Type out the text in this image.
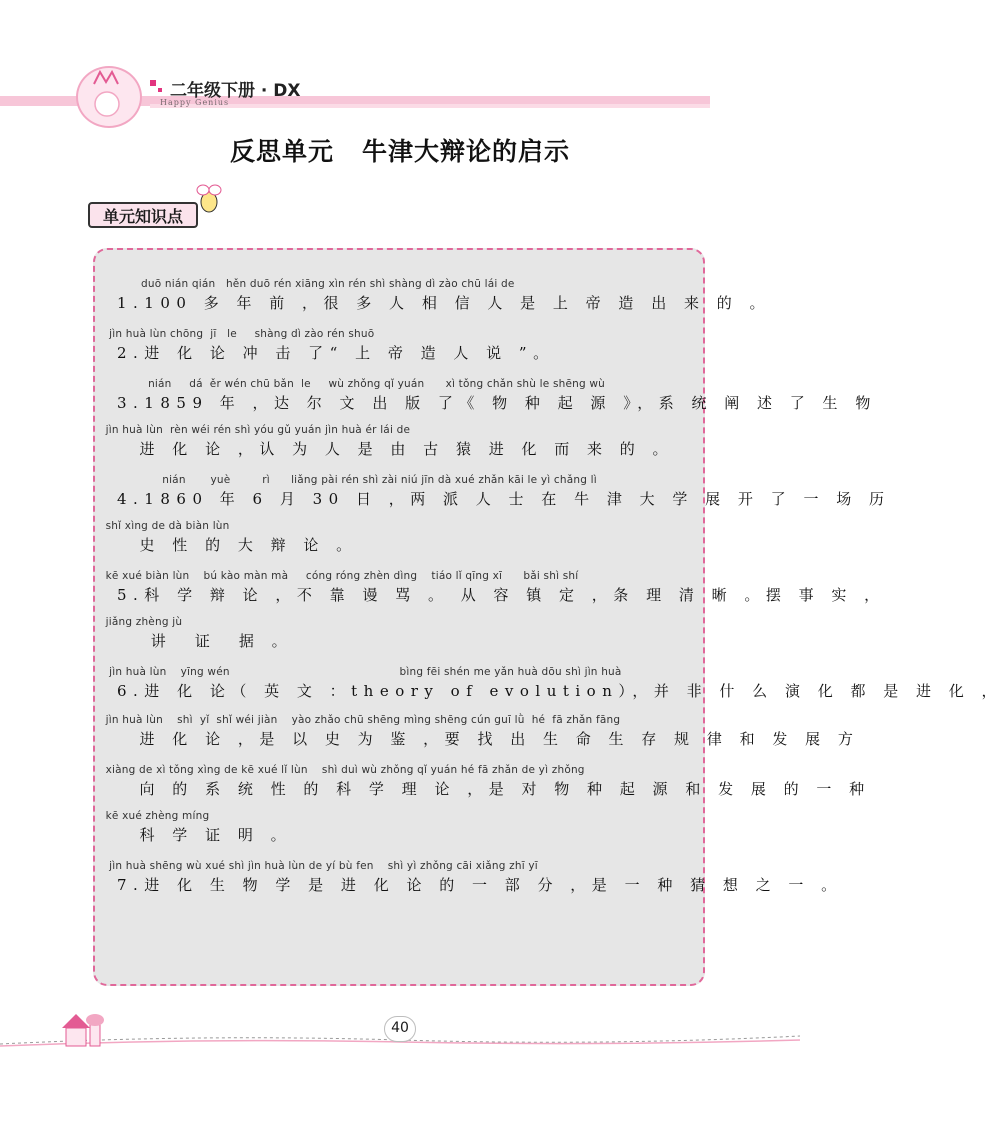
二年级下册 · DX
Happy Genius
反思单元 牛津大辩论的启示
单元知识点
duō nián qián   hěn duō rén xiāng xìn rén shì shàng dì zào chū lái de
1.100 多 年 前 ，很 多 人 相 信 人 是 上 帝 造 出 来 的 。
jìn huà lùn chōng  jī   le     shàng dì zào rén shuō
2.进 化 论 冲 击 了“ 上 帝 造 人 说 ”。
nián     dá  ěr wén chū bǎn  le     wù zhǒng qǐ yuán      xì tǒng chǎn shù le shēng wù
3.1859 年 ，达 尔 文 出 版 了《 物 种 起 源 》，系 统 阐 述 了 生 物
jìn huà lùn  rèn wéi rén shì yóu gǔ yuán jìn huà ér lái de
进 化 论 ，认 为 人 是 由 古 猿 进 化 而 来 的 。
nián       yuè         rì      liǎng pài rén shì zài niú jīn dà xué zhǎn kāi le yì chǎng lì
4.1860 年 6 月 30 日 ，两 派 人 士 在 牛 津 大 学 展 开 了 一 场 历
shǐ xìng de dà biàn lùn
史 性 的 大 辩 论 。
kē xué biàn lùn    bú kào màn mà     cóng róng zhèn dìng    tiáo lǐ qīng xī      bǎi shì shí
5.科 学 辩 论 ，不 靠 谩 骂 。 从 容 镇 定 ，条 理 清 晰 。摆 事 实 ，
jiǎng zhèng jù
讲  证  据 。
jìn huà lùn    yīng wén                                                bìng fēi shén me yǎn huà dōu shì jìn huà
6.进 化 论（ 英 文 ：theory of evolution），并 非 什 么 演 化 都 是 进 化 ，
jìn huà lùn    shì  yǐ  shǐ wéi jiàn    yào zhǎo chū shēng mìng shēng cún guī lǜ  hé  fā zhǎn fāng
进 化 论 ，是 以 史 为 鉴 ，要 找 出 生 命 生 存 规 律 和 发 展 方
xiàng de xì tǒng xìng de kē xué lǐ lùn    shì duì wù zhǒng qǐ yuán hé fā zhǎn de yì zhǒng
向 的 系 统 性 的 科 学 理 论 ，是 对 物 种 起 源 和 发 展 的 一 种
kē xué zhèng míng
科 学 证 明 。
jìn huà shēng wù xué shì jìn huà lùn de yí bù fen    shì yì zhǒng cāi xiǎng zhī yī
7.进 化 生 物 学 是 进 化 论 的 一 部 分 ，是 一 种 猜 想 之 一 。
40
